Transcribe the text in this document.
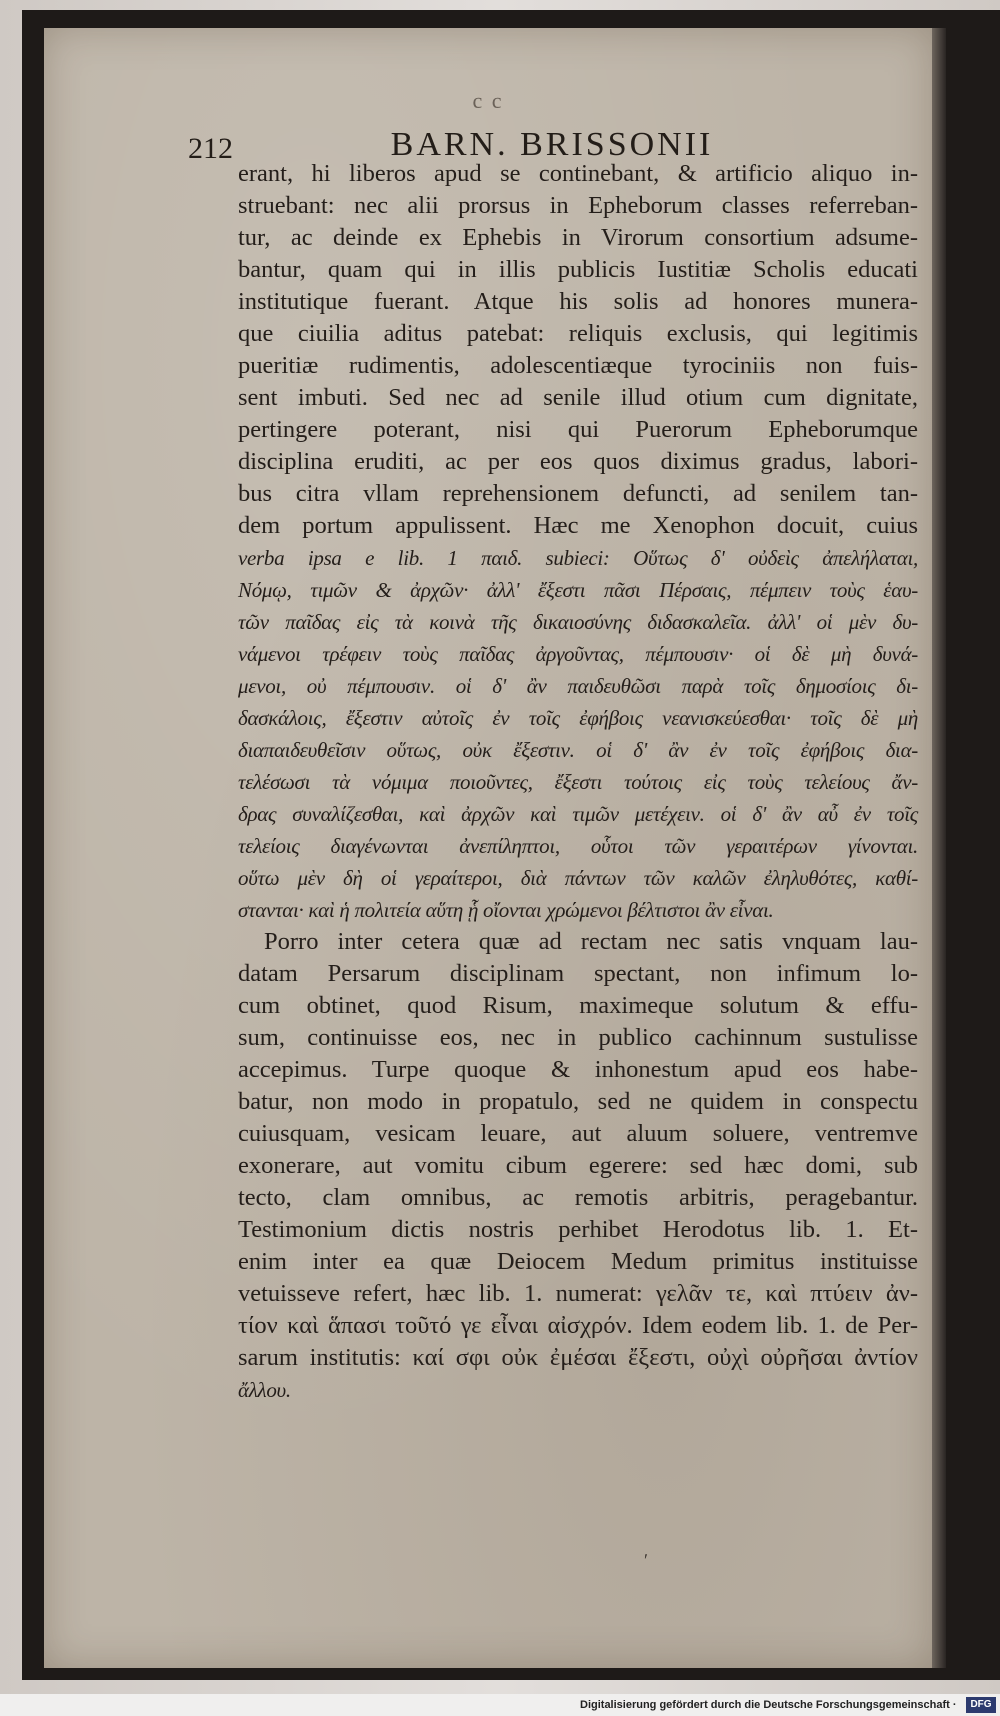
c c
212	BARN. BRISSONII
erant, hi liberos apud se continebant, & artificio aliquo in-
struebant: nec alii prorsus in Epheborum classes referreban-
tur, ac deinde ex Ephebis in Virorum consortium adsume-
bantur, quam qui in illis publicis Iustitiæ Scholis educati
institutique fuerant. Atque his solis ad honores munera-
que ciuilia aditus patebat: reliquis exclusis, qui legitimis
pueritiæ rudimentis, adolescentiæque tyrociniis non fuis-
sent imbuti. Sed nec ad senile illud otium cum dignitate,
pertingere poterant, nisi qui Puerorum Epheborumque
disciplina eruditi, ac per eos quos diximus gradus, labori-
bus citra vllam reprehensionem defuncti, ad senilem tan-
dem portum appulissent. Hæc me Xenophon docuit, cuius
verba ipsa e lib. 1 παιδ. subieci: Οὕτως δ' οὐδεὶς ἀπελήλαται,
Νόμῳ, τιμῶν & ἀρχῶν· ἀλλ' ἔξεστι πᾶσι Πέρσαις, πέμπειν τοὺς ἑαυ-
τῶν παῖδας εἰς τὰ κοινὰ τῆς δικαιοσύνης διδασκαλεῖα. ἀλλ' οἱ μὲν δυ-
νάμενοι τρέφειν τοὺς παῖδας ἀργοῦντας, πέμπουσιν· οἱ δὲ μὴ δυνά-
μενοι, οὐ πέμπουσιν. οἱ δ' ἂν παιδευθῶσι παρὰ τοῖς δημοσίοις δι-
δασκάλοις, ἔξεστιν αὐτοῖς ἐν τοῖς ἐφήβοις νεανισκεύεσθαι· τοῖς δὲ μὴ
διαπαιδευθεῖσιν οὕτως, οὐκ ἔξεστιν. οἱ δ' ἂν ἐν τοῖς ἐφήβοις δια-
τελέσωσι τὰ νόμιμα ποιοῦντες, ἔξεστι τούτοις εἰς τοὺς τελείους ἄν-
δρας συναλίζεσθαι, καὶ ἀρχῶν καὶ τιμῶν μετέχειν. οἱ δ' ἂν αὖ ἐν τοῖς
τελείοις διαγένωνται ἀνεπίληπτοι, οὗτοι τῶν γεραιτέρων γίνονται.
οὕτω μὲν δὴ οἱ γεραίτεροι, διὰ πάντων τῶν καλῶν ἐληλυθότες, καθί-
στανται· καὶ ἡ πολιτεία αὕτη ᾗ οἴονται χρώμενοι βέλτιστοι ἂν εἶναι.
Porro inter cetera quæ ad rectam nec satis vnquam lau-
datam Persarum disciplinam spectant, non infimum lo-
cum obtinet, quod Risum, maximeque solutum & effu-
sum, continuisse eos, nec in publico cachinnum sustulisse
accepimus. Turpe quoque & inhonestum apud eos habe-
batur, non modo in propatulo, sed ne quidem in conspectu
cuiusquam, vesicam leuare, aut aluum soluere, ventremve
exonerare, aut vomitu cibum egerere: sed hæc domi, sub
tecto, clam omnibus, ac remotis arbitris, peragebantur.
Testimonium dictis nostris perhibet Herodotus lib. 1. Et-
enim inter ea quæ Deiocem Medum primitus instituisse
vetuisseve refert, hæc lib. 1. numerat: γελᾶν τε, καὶ πτύειν ἀν-
τίον καὶ ἅπασι τοῦτό γε εἶναι αἰσχρόν. Idem eodem lib. 1. de Per-
sarum institutis: καί σφι οὐκ ἐμέσαι ἔξεστι, οὐχὶ οὐρῆσαι ἀντίον
ἄλλου.
ʹ
Digitalisierung gefördert durch die Deutsche Forschungsgemeinschaft ·	DFG
